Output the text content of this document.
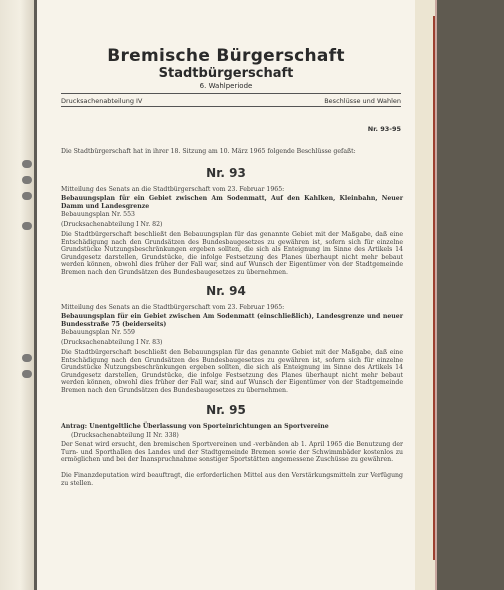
Bremische Bürgerschaft
Stadtbürgerschaft
6. Wahlperiode
Drucksachenabteilung IV	Beschlüsse und Wahlen
Nr. 93-95
Die Stadtbürgerschaft hat in ihrer 18. Sitzung am 10. März 1965 folgende Beschlüsse gefaßt:
Nr. 93
Mitteilung des Senats an die Stadtbürgerschaft vom 23. Februar 1965:
Bebauungsplan für ein Gebiet zwischen Am Sodenmatt, Auf den Kahlken, Kleinbahn, Neuer Damm und Landesgrenze
Bebauungsplan Nr. 553
(Drucksachenabteilung I Nr. 82)
Die Stadtbürgerschaft beschließt den Bebauungsplan für das genannte Gebiet mit der Maßgabe, daß eine Entschädigung nach den Grundsätzen des Bundesbaugesetzes zu gewähren ist, sofern sich für einzelne Grundstücke Nutzungsbeschränkungen ergeben sollten, die sich als Enteignung im Sinne des Artikels 14 Grundgesetz darstellen, Grundstücke, die infolge Festsetzung des Planes überhaupt nicht mehr bebaut werden können, obwohl dies früher der Fall war, sind auf Wunsch der Eigentümer von der Stadtgemeinde Bremen nach den Grundsätzen des Bundesbaugesetzes zu übernehmen.
Nr. 94
Mitteilung des Senats an die Stadtbürgerschaft vom 23. Februar 1965:
Bebauungsplan für ein Gebiet zwischen Am Sodenmatt (einschließlich), Landesgrenze und neuer Bundesstraße 75 (beiderseits)
Bebauungsplan Nr. 559
(Drucksachenabteilung I Nr. 83)
Die Stadtbürgerschaft beschließt den Bebauungsplan für das genannte Gebiet mit der Maßgabe, daß eine Entschädigung nach den Grundsätzen des Bundesbaugesetzes zu gewähren ist, sofern sich für einzelne Grundstücke Nutzungsbeschränkungen ergeben sollten, die sich als Enteignung im Sinne des Artikels 14 Grundgesetz darstellen, Grundstücke, die infolge Festsetzung des Planes überhaupt nicht mehr bebaut werden können, obwohl dies früher der Fall war, sind auf Wunsch der Eigentümer von der Stadtgemeinde Bremen nach den Grundsätzen des Bundesbaugesetzes zu übernehmen.
Nr. 95
Antrag: Unentgeltliche Überlassung von Sporteinrichtungen an Sportvereine
(Drucksachenabteilung II Nr. 338)
Der Senat wird ersucht, den bremischen Sportvereinen und -verbänden ab 1. April 1965 die Benutzung der Turn- und Sporthallen des Landes und der Stadtgemeinde Bremen sowie der Schwimmbäder kostenlos zu ermöglichen und bei der Inanspruchnahme sonstiger Sportstätten angemessene Zuschüsse zu gewähren.
Die Finanzdeputation wird beauftragt, die erforderlichen Mittel aus den Verstärkungsmitteln zur Verfügung zu stellen.
